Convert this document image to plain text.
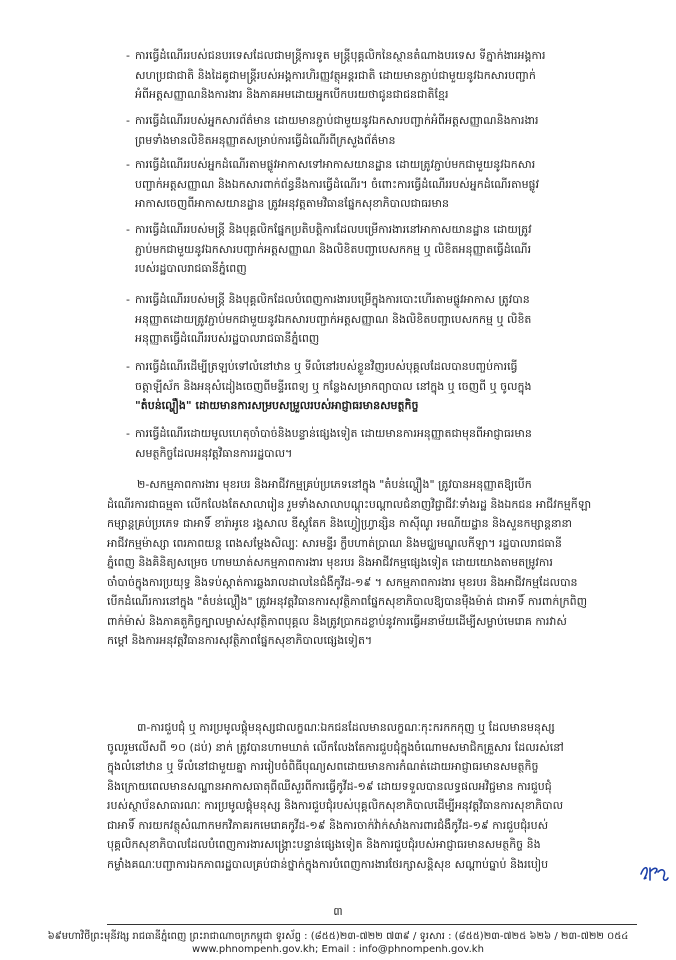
- ការធ្វើដំណើររបស់ជនបរទេសដែលជាមន្ត្រីការទូត មន្ត្រីបុគ្គលិកនៃស្ថានតំណាងបរទេស ទីភ្នាក់ងារអង្គការ
សហប្រជាជាតិ និងដៃគូជាមន្ត្រីរបស់អង្គការហិរញ្ញវត្ថុអន្តរជាតិ ដោយមានភ្ជាប់ជាមួយនូវឯកសារបញ្ជាក់
អំពីអត្តសញ្ញាណនិងការងារ និងភាគអមដោយអ្នកបើកបរយថាជូនជាជនជាតិខ្មែរ
- ការធ្វើដំណើររបស់អ្នកសារព័ត៌មាន ដោយមានភ្ជាប់ជាមួយនូវឯកសារបញ្ជាក់អំពីអត្តសញ្ញាណនិងការងារ
ព្រមទាំងមានលិខិតអនុញ្ញាតសម្រាប់ការធ្វើដំណើរពីក្រសួងព័ត៌មាន
- ការធ្វើដំណើររបស់អ្នកដំណើរតាមផ្លូវអាកាសទៅអាកាសយានដ្ឋាន ដោយត្រូវភ្ជាប់មកជាមួយនូវឯកសារ
បញ្ជាក់អត្តសញ្ញាណ និងឯកសារពាក់ព័ន្ធនឹងការធ្វើដំណើរ។ ចំពោះការធ្វើដំណើររបស់អ្នកដំណើរតាមផ្លូវ
អាកាសចេញពីអាកាសយានដ្ឋាន ត្រូវអនុវត្តតាមវិធានផ្នែកសុខាភិបាលជាធរមាន
- ការធ្វើដំណើររបស់មន្ត្រី និងបុគ្គលិកផ្នែកប្រតិបត្តិការដែលបម្រើការងារនៅអាកាសយានដ្ឋាន ដោយត្រូវ
ភ្ជាប់មកជាមួយនូវឯកសារបញ្ជាក់អត្តសញ្ញាណ និងលិខិតបញ្ជាបេសកកម្ម ឬ លិខិតអនុញ្ញាតធ្វើដំណើរ
របស់រដ្ឋបាលរាជធានីភ្នំពេញ
- ការធ្វើដំណើររបស់មន្ត្រី និងបុគ្គលិកដែលបំពេញការងារបម្រើក្នុងការបោះហើរតាមផ្លូវអាកាស ត្រូវបាន
អនុញ្ញាតដោយត្រូវភ្ជាប់មកជាមួយនូវឯកសារបញ្ជាក់អត្តសញ្ញាណ និងលិខិតបញ្ជាបេសកកម្ម ឬ លិខិត
អនុញ្ញាតធ្វើដំណើររបស់រដ្ឋបាលរាជធានីភ្នំពេញ
- ការធ្វើដំណើរដើម្បីត្រឡប់ទៅលំនៅឋាន ឬ ទីលំនៅរបស់ខ្លួនវិញរបស់បុគ្គលដែលបានបញ្ចប់ការធ្វើ
ចត្តាឡីស័ក និងអនុសំដៀងចេញពីមន្ទីរពេទ្យ ឬ កន្លែងសម្រាកព្យាបាល នៅក្នុង ឬ ចេញពី ឬ ចូលក្នុង
"តំបន់ល្ហឿង" ដោយមានការសម្របសម្រួលរបស់អាជ្ញាធរមានសមត្ថកិច្ច
- ការធ្វើដំណើរដោយមូលហេតុចាំបាច់និងបន្ទាន់ផ្សេងទៀត ដោយមានការអនុញ្ញាតជាមុនពីអាជ្ញាធរមាន
សមត្ថកិច្ចដែលអនុវត្តវិធានការរដ្ឋបាល។
២-សកម្មភាពការងារ មុខរបរ និងអាជីវកម្មគ្រប់ប្រភេទនៅក្នុង "តំបន់ល្ហឿង" ត្រូវបានអនុញ្ញាតឱ្យបើក
ដំណើរការជាធម្មតា លើកលែងតែសាលារៀន រួមទាំងសាលាបណ្តុះបណ្តាលជំនាញវិជ្ជាជីវៈទាំងរដ្ឋ និងឯកជន អាជីវកម្មកីឡា
កម្សាន្តគ្រប់ប្រភេទ ជាអាទិ៍ ខារ៉ាអូខេ រង្គសាល ឌីស្កូតែក និងហ្វៀហ្វ្រាន្សិន កាស៊ីណូ រមណីយដ្ឋាន និងសួនកម្សាន្តនានា
អាជីវកម្មម៉ាស្សា ពេរភាពយន្ត ពេងសម្តែងសិល្បៈ សារមន្ទីរ ក្លឹបហាត់ប្រាណ និងមជ្ឈមណ្ឌលកីឡា។ រដ្ឋបាលរាជធានី
ភ្នំពេញ និងគិនិត្យសម្រេច ហាមឃាត់សកម្មភាពការងារ មុខរបរ និងអាជីវកម្មផ្សេងទៀត ដោយយោងតាមតម្រូវការ
ចាំបាច់ក្នុងការប្រយុទ្ធ និងទប់ស្កាត់ការឆ្លងរាលដាលនៃជំងឺកូវីដ-១៩ ។ សកម្មភាពការងារ មុខរបរ និងអាជីវកម្មដែលបាន
បើកដំណើរការនៅក្នុង "តំបន់ល្ហឿង" ត្រូវអនុវត្តវិធានការសុវត្ថិភាពផ្នែកសុខាភិបាលឱ្យបានម៉ឺងម៉ាត់ ជាអាទិ៍ ការពាក់ក្រពិញ
ពាក់ម៉ាស់ និងភាគតួកិច្ចក្បាលម្ចាស់សុវត្ថិភាពបុគ្គល និងត្រូវប្រាកដខ្លាប់នូវការធ្វើអនាម័យដើម្បីសម្លាប់មេរោគ ការវាស់
កម្តៅ និងការអនុវត្តវិធានការសុវត្ថិភាពផ្នែកសុខាភិបាលផ្សេងទៀត។
៣-ការជួបជុំ ឬ ការប្រមូលផ្តុំមនុស្សជាលក្ខណៈឯកជនដែលមានលក្ខណៈកុះករកកកុញ ឬ ដែលមានមនុស្ស
ចូលរួមលើសពី ១០ (ដប់) នាក់ ត្រូវបានហាមឃាត់ លើកលែងតែការជួបជុំក្នុងចំណោមសមាជិកគ្រួសារ ដែលរស់នៅ
ក្នុងលំនៅឋាន ឬ ទីលំនៅជាមួយគ្នា ការរៀបចំពិធីបុណ្យសពដោយមានការកំណត់ដោយអាជ្ញាធរមានសមត្ថកិច្ច
និងក្រោយពេលមានសណ្ឋានអាកាសធាតុពីឈឺសួរពីការធ្វើកូវីដ-១៩ ដោយទទួលបានលទ្ធផលអវិជ្ជមាន ការជួបជុំ
របស់ស្ថាប័នសាធារណៈ ការប្រមូលផ្តុំមនុស្ស និងការជួបជុំរបស់បុគ្គលិកសុខាភិបាលដើម្បីអនុវត្តវិធានការសុខាភិបាល
ជាអាទិ៍ ការយកវត្ថុសំណាកមកវិភាគរកមេរោគកូវីដ-១៩ និងការចាក់វ៉ាក់សាំងការពារជំងឺកូវីដ-១៩ ការជួបជុំរបស់
បុគ្គលិកសុខាភិបាលដែលបំពេញការងារសង្គ្រោះបន្ទាន់ផ្សេងទៀត និងការជួបជុំរបស់អាជ្ញាធរមានសមត្ថកិច្ច និង
កម្លាំងគណៈបញ្ជាការឯកភាពរដ្ឋបាលគ្រប់ជាន់ថ្នាក់ក្នុងការបំពេញការងារថែរក្សាសន្តិសុខ សណ្តាប់ធ្នាប់ និងរបៀប
៣
៦៩មហាវិថីព្រះមុនីវង្ស រាជធានីភ្នំពេញ ព្រះរាជាណាចក្រកម្ពុជា ទូរស័ព្ទ : (៨៥៥)២៣-៧២២ ៧៣៩ / ទូរសារ : (៨៥៥)២៣-៧២៥ ៦២៦ / ២៣-៧២២ ០៥៤
www.phnompenh.gov.kh; Email : info@phnompenh.gov.kh
